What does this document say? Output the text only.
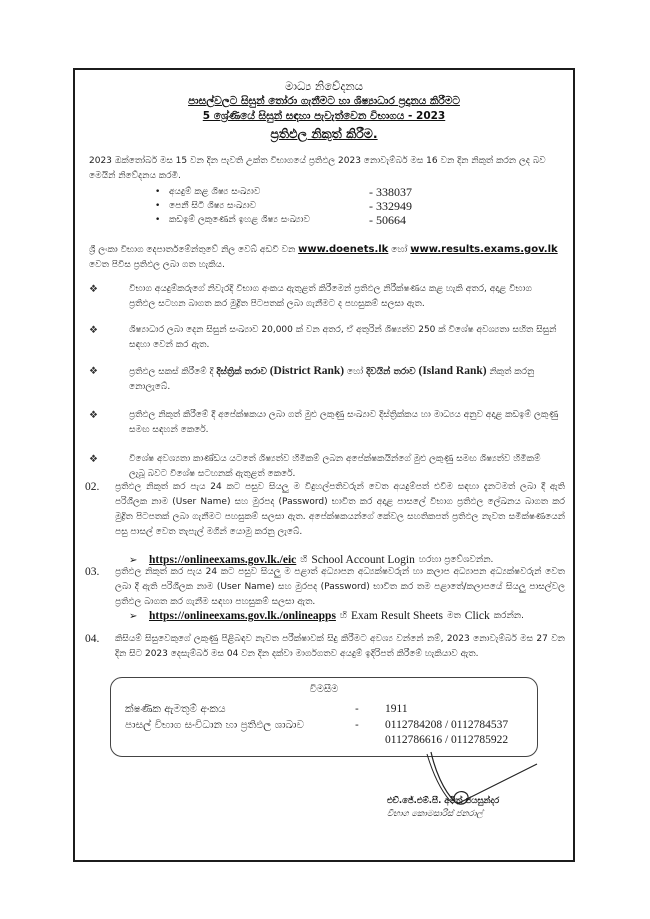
මාධ්‍ය නිවේදනය
පාසල්වලට සිසුන් තෝරා ගැනීමට හා ශිෂ්‍යාධාර ප්‍රදානය කිරීමට
5 ශ්‍රේණියේ සිසුන් සඳහා පැවැත්වෙන විභාගය - 2023
ප්‍රතිඵල නිකුත් කිරීම.
2023 ඔක්තෝබර් මස 15 වන දින පැවති උක්ත විභාගයේ ප්‍රතිඵල 2023 නොවැම්බර් මස 16 වන දින නිකුත් කරන ලද බව මෙයින් නිවේදනය කරමි.
• අයදුම් කළ ශිෂ්‍ය සංඛ්‍යාව	- 338037
• පෙනී සිටි ශිෂ්‍ය සංඛ්‍යාව	- 332949
• කඩඉම් ලකුණෙන් ඉහළ ශිෂ්‍ය සංඛ්‍යාව	- 50664
ශ්‍රී ලංකා විභාග දෙපාර්තමේන්තුවේ නිල වෙබ් අඩවි වන www.doenets.lk හෝ www.results.exams.gov.lk වෙත පිවිස ප්‍රතිඵල ලබා ගත හැකිය.
❖	විභාග අයදුම්කරුගේ නිවැරදි විභාග අංකය ඇතුළත් කිරීමෙන් ප්‍රතිඵල නිරීක්ෂණය කළ හැකි අතර, අදාළ විභාග ප්‍රතිඵල සටහන බාගත කර මුද්‍රිත පිටපතක් ලබා ගැනීමට ද පහසුකම් සලසා ඇත.
❖	ශිෂ්‍යාධාර ලබා දෙන සිසුන් සංඛ්‍යාව 20,000 ක් වන අතර, ඒ අතුරින් ශිෂ්‍යත්ව 250 ක් විශේෂ අවශ්‍යතා සහිත සිසුන් සඳහා වෙන් කර ඇත.
❖	ප්‍රතිඵල සකස් කිරීමේ දී දිස්ත්‍රික් තරාව (District Rank) හෝ දිවයින් තරාව (Island Rank) නිකුත් කරනු නොලැබේ.
❖	ප්‍රතිඵල නිකුත් කිරීමේ දී අපේක්ෂකයා ලබා ගත් මුළු ලකුණු සංඛ්‍යාව දිස්ත්‍රික්කය හා මාධ්‍යය අනුව අදාළ කඩඉම් ලකුණු සමඟ සඳහන් කෙරේ.
❖	විශේෂ අවශ්‍යතා කාණ්ඩය යටතේ ශිෂ්‍යත්ව හිමිකම් ලබන අපේක්ෂකයින්ගේ මුළු ලකුණු සමඟ ශිෂ්‍යත්ව හිමිකම් ලැබූ බවට විශේෂ සටහනක් ඇතුළත් කෙරේ.
02.	ප්‍රතිඵල නිකුත් කර පැය 24 කට පසුව සියලු ම විදුහල්පතිවරුන් වෙත අයදුම්පත් එවීම සඳහා දැනටමත් ලබා දී ඇති පරිශීලක නාම (User Name) සහ මුරපද (Password) භාවිත කර අදාළ පාසලේ විභාග ප්‍රතිඵල ලේඛනය බාගත කර මුද්‍රිත පිටපතක් ලබා ගැනීමට පහසුකම් සලසා ඇත. අපේක්ෂකයන්ගේ කේවල සහතිකපත් ප්‍රතිඵල නැවත සමීක්ෂණයෙන් පසු පාසල් වෙත තැපැල් මගින් යොමු කරනු ලැබේ.
➢	https://onlineexams.gov.lk./eic හි School Account Login හරහා ප්‍රවේශවන්න.
03.	ප්‍රතිඵල නිකුත් කර පැය 24 කට පසුව සියලු ම පළාත් අධ්‍යාපන අධ්‍යක්ෂවරුන් හා කලාප අධ්‍යාපන අධ්‍යක්ෂවරුන් වෙත ලබා දී ඇති පරිශීලක නාම (User Name) සහ මුරපද (Password) භාවිත කර තම පළාතේ/කලාපයේ සියලු පාසල්වල ප්‍රතිඵල බාගත කර ගැනීම සඳහා පහසුකම් සලසා ඇත.
➢	https://onlineexams.gov.lk./onlineapps හි Exam Result Sheets මත Click කරන්න.
04.	කිසියම් සිසුවෙකුගේ ලකුණු පිළිබඳව නැවත පරීක්ෂාවක් සිදු කිරීමට අවශ්‍ය වන්නේ නම්, 2023 නොවැම්බර් මස 27 වන දින සිට 2023 දෙසැම්බර් මස 04 වන දින දක්වා මාර්ගගතව අයදුම් ඉදිරිපත් කිරීමේ හැකියාව ඇත.
විමසීම
ක්ෂණික ඇමතුම් අංකය	-	1911
පාසල් විභාග සංවිධාන හා ප්‍රතිඵල ශාඛාව	-	0112784208 / 0112784537
0112786616 / 0112785922
එච්.ජේ.එම්.සී. අමිත් ජයසුන්දර
විභාග කොමසාරිස් ජනරාල්
